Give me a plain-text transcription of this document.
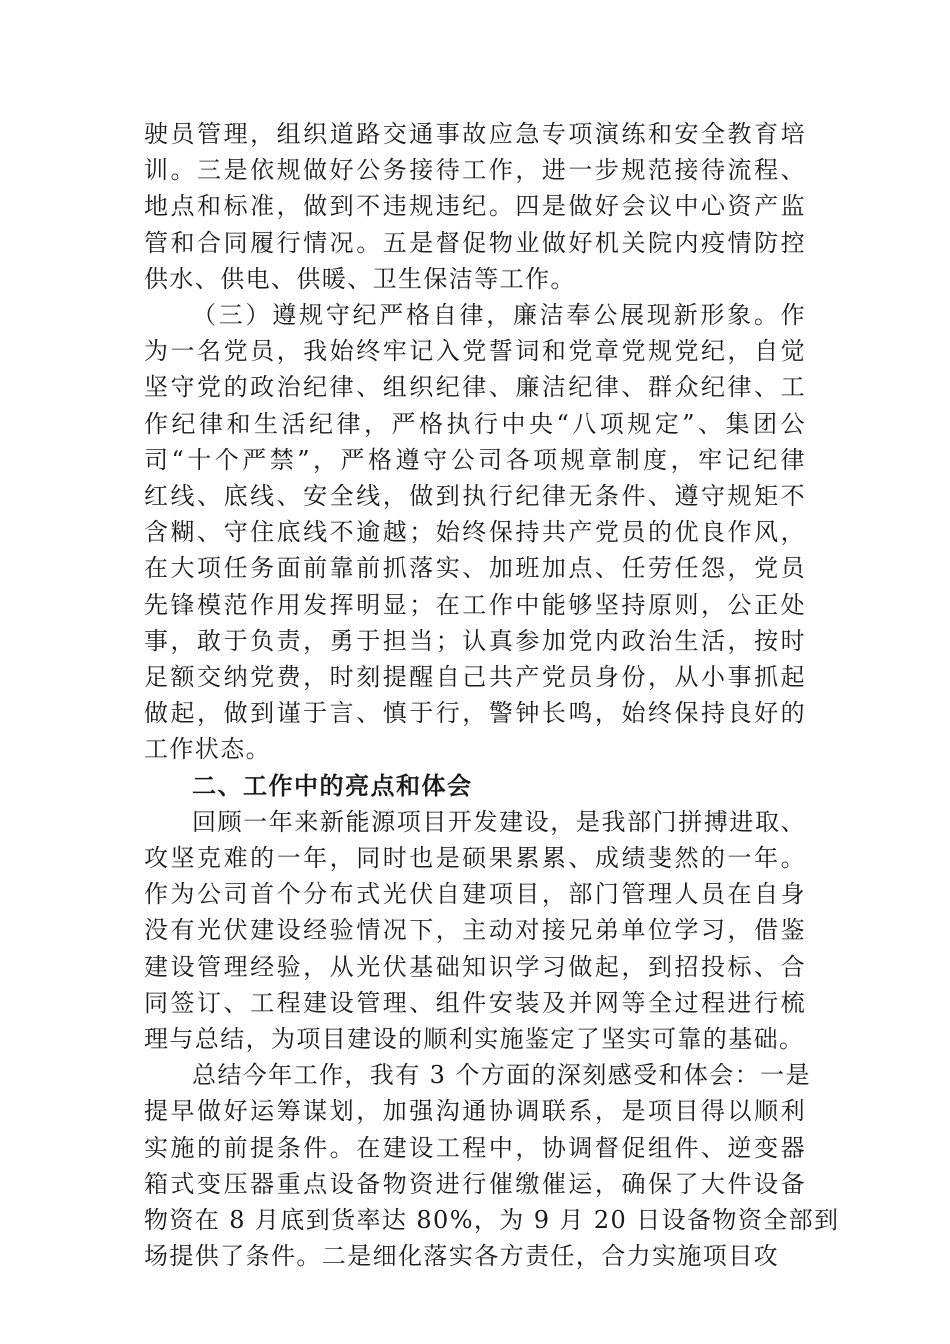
驶员管理，组织道路交通事故应急专项演练和安全教育培
训。三是依规做好公务接待工作，进一步规范接待流程、
地点和标准，做到不违规违纪。四是做好会议中心资产监
管和合同履行情况。五是督促物业做好机关院内疫情防控
供水、供电、供暖、卫生保洁等工作。
（三）遵规守纪严格自律，廉洁奉公展现新形象。作
为一名党员，我始终牢记入党誓词和党章党规党纪，自觉
坚守党的政治纪律、组织纪律、廉洁纪律、群众纪律、工
作纪律和生活纪律，严格执行中央“八项规定”、集团公
司“十个严禁”，严格遵守公司各项规章制度，牢记纪律
红线、底线、安全线，做到执行纪律无条件、遵守规矩不
含糊、守住底线不逾越；始终保持共产党员的优良作风，
在大项任务面前靠前抓落实、加班加点、任劳任怨，党员
先锋模范作用发挥明显；在工作中能够坚持原则，公正处
事，敢于负责，勇于担当；认真参加党内政治生活，按时
足额交纳党费，时刻提醒自己共产党员身份，从小事抓起
做起，做到谨于言、慎于行，警钟长鸣，始终保持良好的
工作状态。
二、工作中的亮点和体会
回顾一年来新能源项目开发建设，是我部门拼搏进取、
攻坚克难的一年，同时也是硕果累累、成绩斐然的一年。
作为公司首个分布式光伏自建项目，部门管理人员在自身
没有光伏建设经验情况下，主动对接兄弟单位学习，借鉴
建设管理经验，从光伏基础知识学习做起，到招投标、合
同签订、工程建设管理、组件安装及并网等全过程进行梳
理与总结，为项目建设的顺利实施鉴定了坚实可靠的基础。
总结今年工作，我有 3 个方面的深刻感受和体会：一是
提早做好运筹谋划，加强沟通协调联系，是项目得以顺利
实施的前提条件。在建设工程中，协调督促组件、逆变器
箱式变压器重点设备物资进行催缴催运，确保了大件设备
物资在 8 月底到货率达 80%，为 9 月 20 日设备物资全部到
场提供了条件。二是细化落实各方责任，合力实施项目攻
